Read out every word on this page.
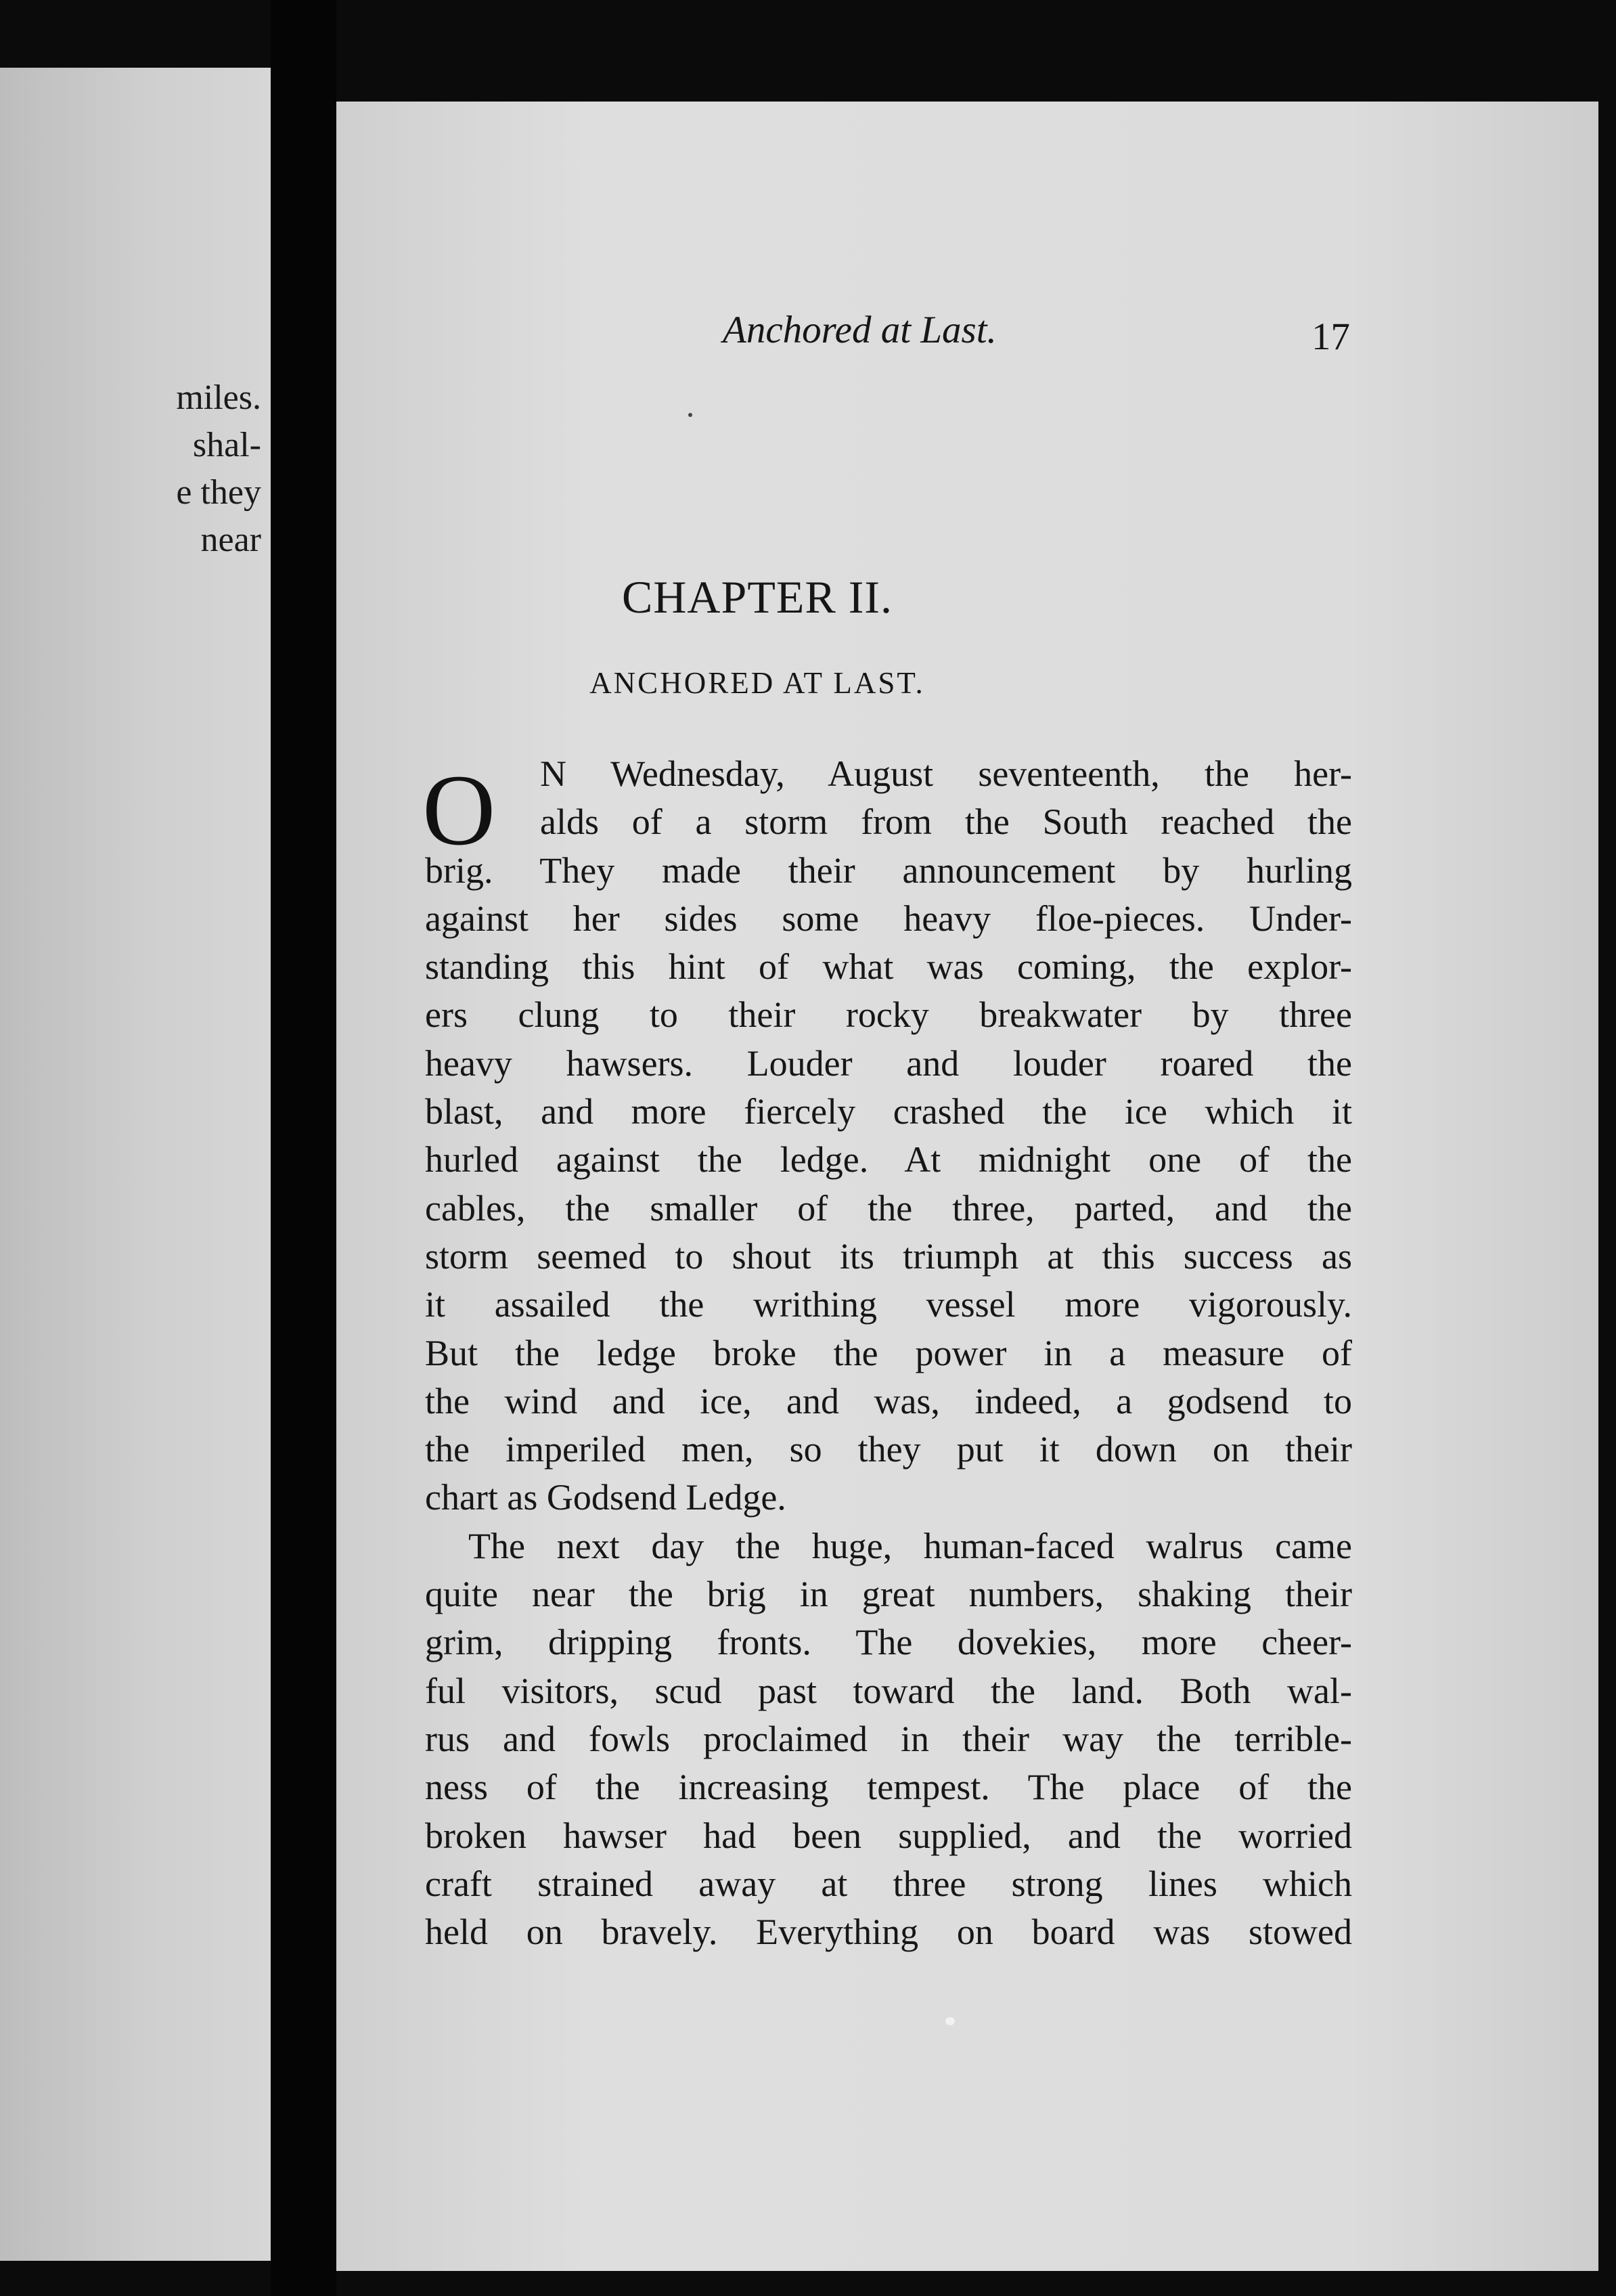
miles.
shal-
e they
near
Anchored at Last.	17
CHAPTER II.
ANCHORED AT LAST.
O	N Wednesday, August seventeenth, the her-
alds of a storm from the South reached the
brig. They made their announcement by hurling
against her sides some heavy floe-pieces. Under-
standing this hint of what was coming, the explor-
ers clung to their rocky breakwater by three
heavy hawsers. Louder and louder roared the
blast, and more fiercely crashed the ice which it
hurled against the ledge. At midnight one of the
cables, the smaller of the three, parted, and the
storm seemed to shout its triumph at this success as
it assailed the writhing vessel more vigorously.
But the ledge broke the power in a measure of
the wind and ice, and was, indeed, a godsend to
the imperiled men, so they put it down on their
chart as Godsend Ledge.
The next day the huge, human-faced walrus came
quite near the brig in great numbers, shaking their
grim, dripping fronts. The dovekies, more cheer-
ful visitors, scud past toward the land. Both wal-
rus and fowls proclaimed in their way the terrible-
ness of the increasing tempest. The place of the
broken hawser had been supplied, and the worried
craft strained away at three strong lines which
held on bravely. Everything on board was stowed
